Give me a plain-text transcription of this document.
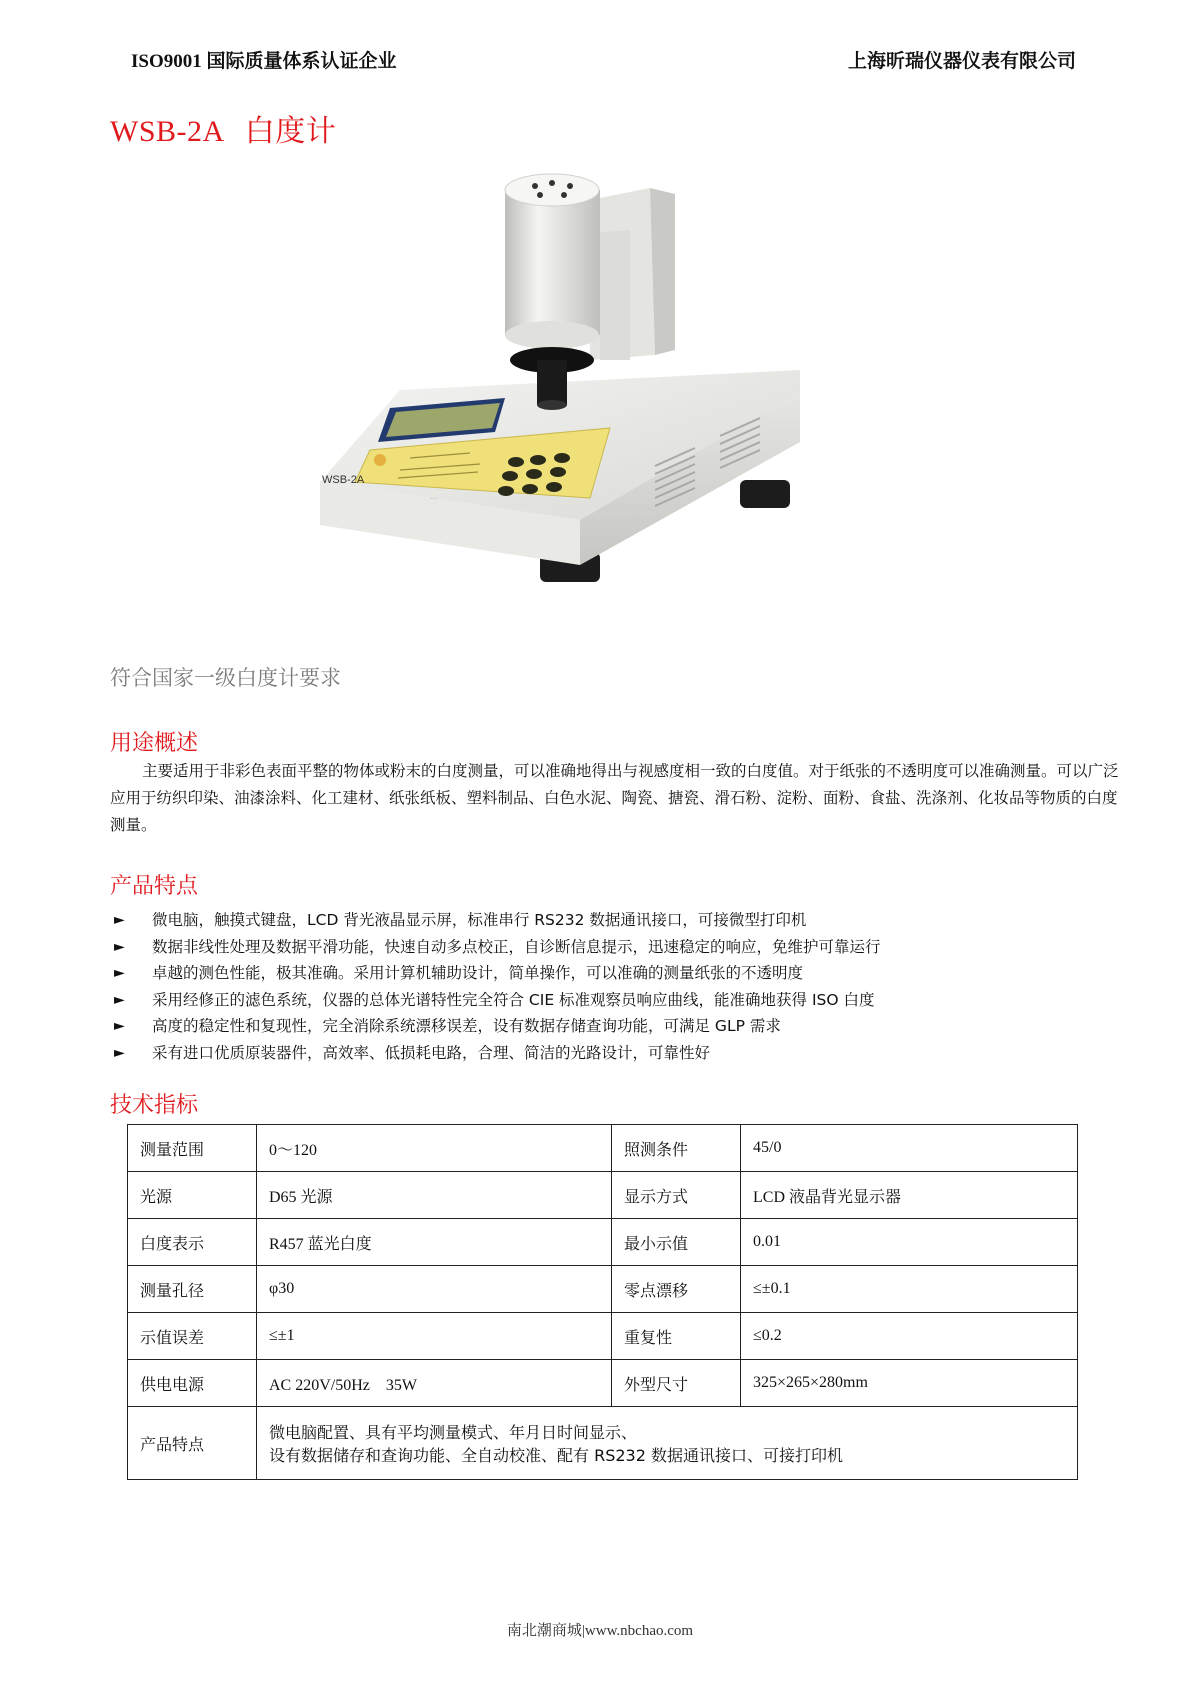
ISO9001 国际质量体系认证企业	上海昕瑞仪器仪表有限公司
WSB-2A 白度计
WSB-2A
符合国家一级白度计要求
用途概述
主要适用于非彩色表面平整的物体或粉末的白度测量，可以准确地得出与视感度相一致的白度值。对于纸张的不透明度可以准确测量。可以广泛应用于纺织印染、油漆涂料、化工建材、纸张纸板、塑料制品、白色水泥、陶瓷、搪瓷、滑石粉、淀粉、面粉、食盐、洗涤剂、化妆品等物质的白度测量。
产品特点
► 微电脑，触摸式键盘，LCD 背光液晶显示屏，标准串行 RS232 数据通讯接口，可接微型打印机
► 数据非线性处理及数据平滑功能，快速自动多点校正，自诊断信息提示，迅速稳定的响应，免维护可靠运行
► 卓越的测色性能，极其准确。采用计算机辅助设计，简单操作，可以准确的测量纸张的不透明度
► 采用经修正的滤色系统，仪器的总体光谱特性完全符合 CIE 标准观察员响应曲线，能准确地获得 ISO 白度
► 高度的稳定性和复现性，完全消除系统漂移误差，设有数据存储查询功能，可满足 GLP 需求
► 采有进口优质原装器件，高效率、低损耗电路，合理、简洁的光路设计，可靠性好
技术指标
测量范围	0～120	照测条件	45/0
光源	D65 光源	显示方式	LCD 液晶背光显示器
白度表示	R457 蓝光白度	最小示值	0.01
测量孔径	φ30	零点漂移	≤±0.1
示值误差	≤±1	重复性	≤0.2
供电电源	AC 220V/50Hz　35W	外型尺寸	325×265×280mm
产品特点	微电脑配置、具有平均测量模式、年月日时间显示、
设有数据储存和查询功能、全自动校准、配有 RS232 数据通讯接口、可接打印机		
南北潮商城|www.nbchao.com
